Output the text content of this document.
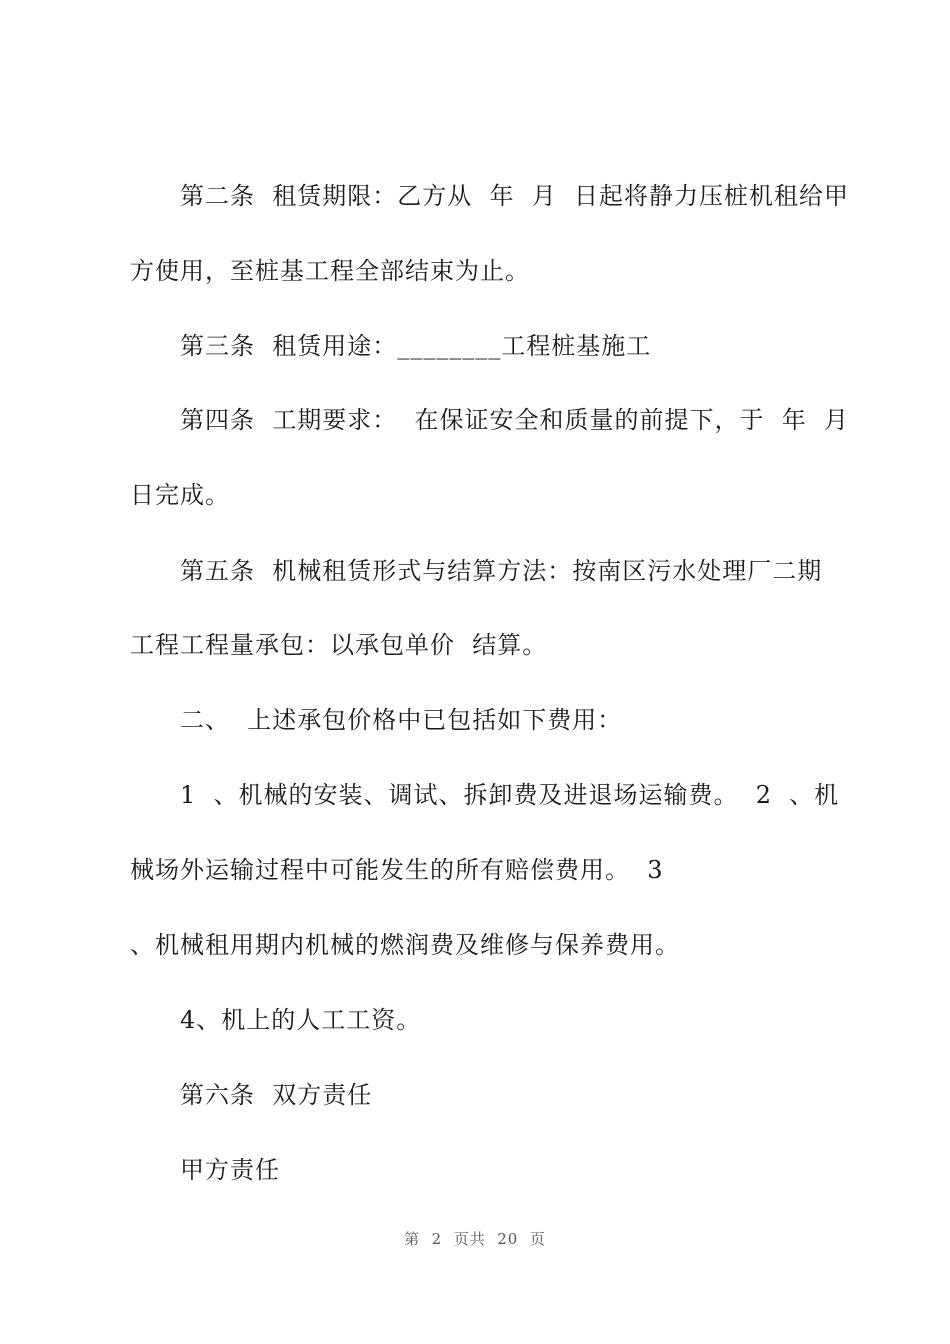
第二条  租赁期限：乙方从  年  月  日起将静力压桩机租给甲
方使用，至桩基工程全部结束为止。
第三条  租赁用途：________工程桩基施工
第四条  工期要求：  在保证安全和质量的前提下，于  年  月
日完成。
第五条  机械租赁形式与结算方法：按南区污水处理厂二期
工程工程量承包：以承包单价  结算。
二、  上述承包价格中已包括如下费用：
1  、机械的安装、调试、拆卸费及进退场运输费。  2  、机
械场外运输过程中可能发生的所有赔偿费用。  3
、机械租用期内机械的燃润费及维修与保养费用。
4、机上的人工工资。
第六条  双方责任
甲方责任
第  2  页共  20  页
